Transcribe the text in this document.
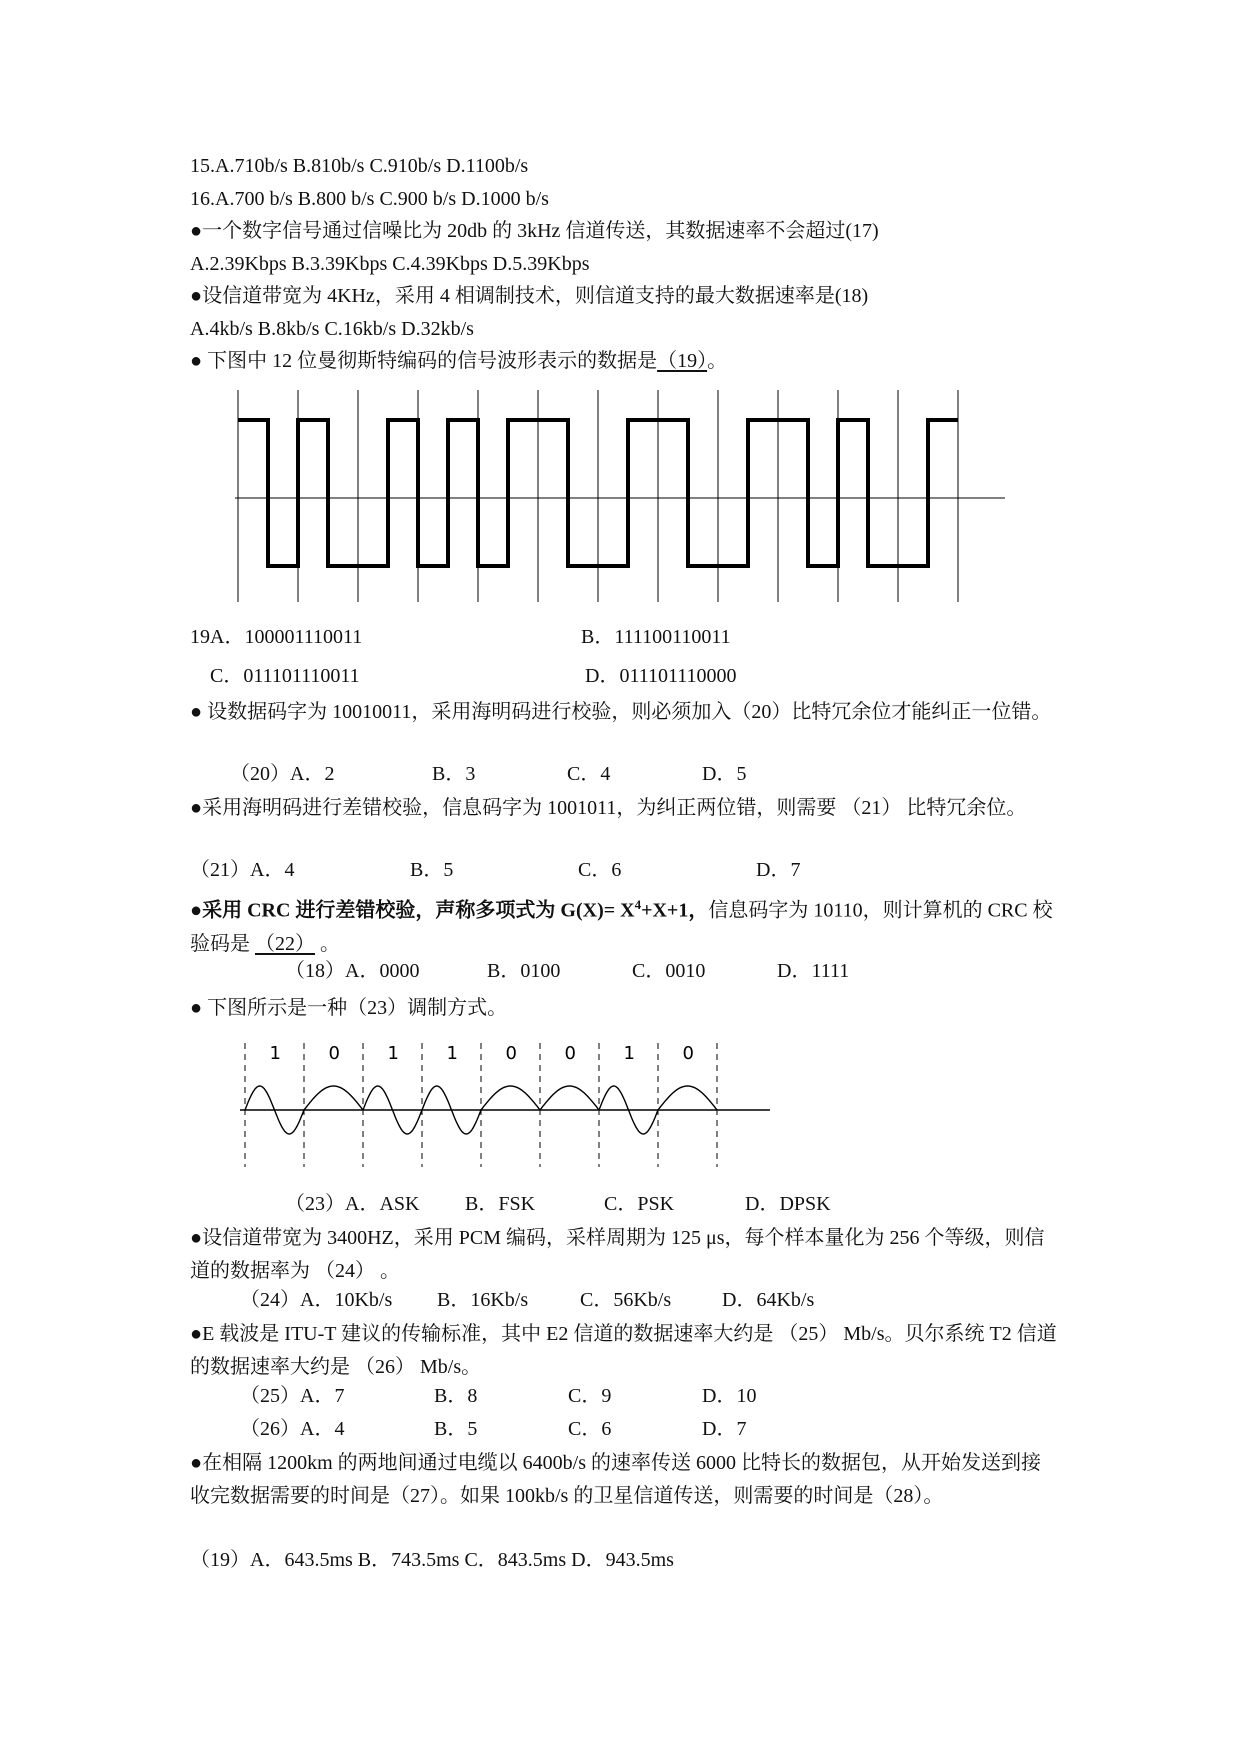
15.A.710b/s B.810b/s C.910b/s D.1100b/s
16.A.700 b/s B.800 b/s C.900 b/s D.1000 b/s
●一个数字信号通过信噪比为 20db 的 3kHz 信道传送，其数据速率不会超过(17)
A.2.39Kbps B.3.39Kbps C.4.39Kbps D.5.39Kbps
●设信道带宽为 4KHz，采用 4 相调制技术，则信道支持的最大数据速率是(18)
A.4kb/s B.8kb/s C.16kb/s D.32kb/s
● 下图中 12 位曼彻斯特编码的信号波形表示的数据是（19）。
19A．100001110011	B．111100110011
C．011101110011	D．011101110000
● 设数据码字为 10010011，采用海明码进行校验，则必须加入（20）比特冗余位才能纠正一位错。
（20）A．2	B．3	C．4	D．5
●采用海明码进行差错校验，信息码字为 1001011，为纠正两位错，则需要 （21） 比特冗余位。
（21）A．4	B．5	C．6	D．7
●采用 CRC 进行差错校验，声称多项式为 $G(X)= X^4+X+1$，信息码字为 10110，则计算机的 CRC 校验码是 （22） 。
（18）A．0000	B．0100	C．0010	D．1111
● 下图所示是一种（23）调制方式。
1	0	1	1	0	0	1	0
（23）A．ASK B．FSK	C．PSK	D．DPSK
●设信道带宽为 3400HZ，采用 PCM 编码，采样周期为 125 μs，每个样本量化为 256 个等级，则信道的数据率为 （24） 。
（24）A．10Kb/s B．16Kb/s	C．56Kb/s	D．64Kb/s
●E 载波是 ITU-T 建议的传输标准，其中 E2 信道的数据速率大约是 （25） Mb/s。贝尔系统 T2 信道的数据速率大约是 （26） Mb/s。
（25）A．7	B．8	C．9	D．10
（26）A．4	B．5	C．6	D．7
●在相隔 1200km 的两地间通过电缆以 6400b/s 的速率传送 6000 比特长的数据包，从开始发送到接收完数据需要的时间是（27）。如果 100kb/s 的卫星信道传送，则需要的时间是（28）。
（19）A．643.5ms B．743.5ms C．843.5ms D．943.5ms
